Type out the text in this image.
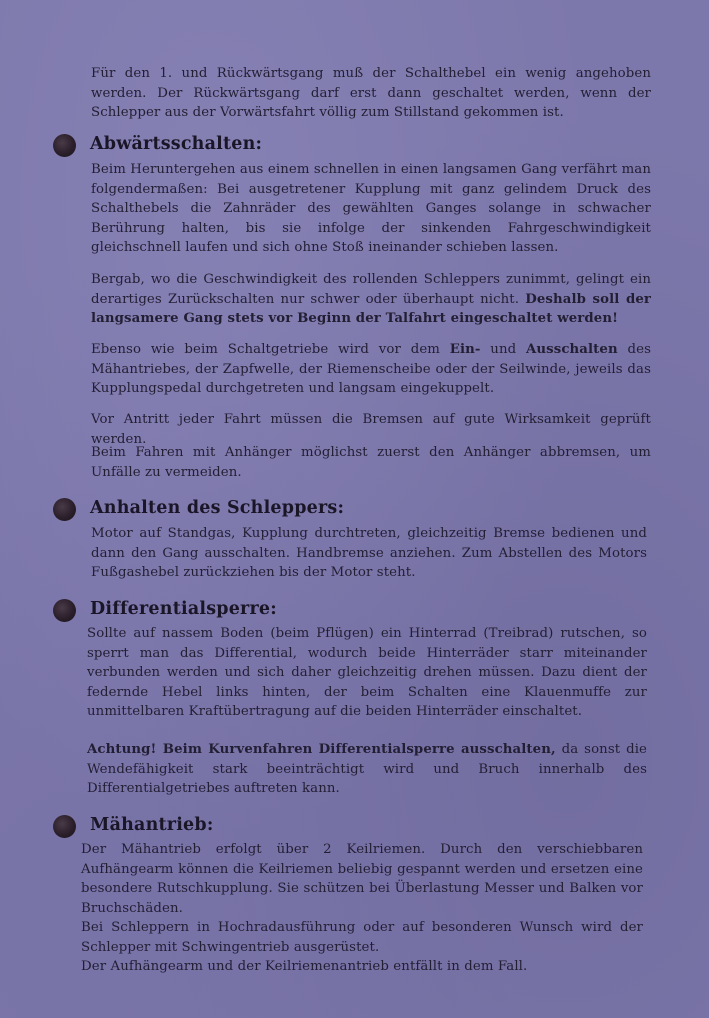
Für den 1. und Rückwärtsgang muß der Schalthebel ein wenig angehoben werden. Der Rückwärtsgang darf erst dann geschaltet werden, wenn der Schlepper aus der Vorwärtsfahrt völlig zum Stillstand gekommen ist.
Abwärtsschalten:
Beim Heruntergehen aus einem schnellen in einen langsamen Gang verfährt man folgendermaßen: Bei ausgetretener Kupplung mit ganz gelindem Druck des Schalthebels die Zahnräder des gewählten Ganges solange in schwacher Berührung halten, bis sie infolge der sinkenden Fahrgeschwindigkeit gleichschnell laufen und sich ohne Stoß ineinander schieben lassen.
Bergab, wo die Geschwindigkeit des rollenden Schleppers zunimmt, gelingt ein derartiges Zurückschalten nur schwer oder überhaupt nicht. Deshalb soll der langsamere Gang stets vor Beginn der Talfahrt eingeschaltet werden!
Ebenso wie beim Schaltgetriebe wird vor dem Ein- und Ausschalten des Mähantriebes, der Zapfwelle, der Riemenscheibe oder der Seilwinde, jeweils das Kupplungspedal durchgetreten und langsam eingekuppelt.
Vor Antritt jeder Fahrt müssen die Bremsen auf gute Wirksamkeit geprüft werden.
Beim Fahren mit Anhänger möglichst zuerst den Anhänger abbremsen, um Unfälle zu vermeiden.
Anhalten des Schleppers:
Motor auf Standgas, Kupplung durchtreten, gleichzeitig Bremse bedienen und dann den Gang ausschalten. Handbremse anziehen. Zum Abstellen des Motors Fußgashebel zurückziehen bis der Motor steht.
Differentialsperre:
Sollte auf nassem Boden (beim Pflügen) ein Hinterrad (Treibrad) rutschen, so sperrt man das Differential, wodurch beide Hinterräder starr miteinander verbunden werden und sich daher gleichzeitig drehen müssen. Dazu dient der federnde Hebel links hinten, der beim Schalten eine Klauenmuffe zur unmittelbaren Kraftübertragung auf die beiden Hinterräder einschaltet.
Achtung! Beim Kurvenfahren Differentialsperre ausschalten, da sonst die Wendefähigkeit stark beeinträchtigt wird und Bruch innerhalb des Differentialgetriebes auftreten kann.
Mähantrieb:
Der Mähantrieb erfolgt über 2 Keilriemen. Durch den verschiebbaren Aufhängearm können die Keilriemen beliebig gespannt werden und ersetzen eine besondere Rutschkupplung. Sie schützen bei Überlastung Messer und Balken vor Bruchschäden.
Bei Schleppern in Hochradausführung oder auf besonderen Wunsch wird der Schlepper mit Schwingentrieb ausgerüstet.
Der Aufhängearm und der Keilriemenantrieb entfällt in dem Fall.
